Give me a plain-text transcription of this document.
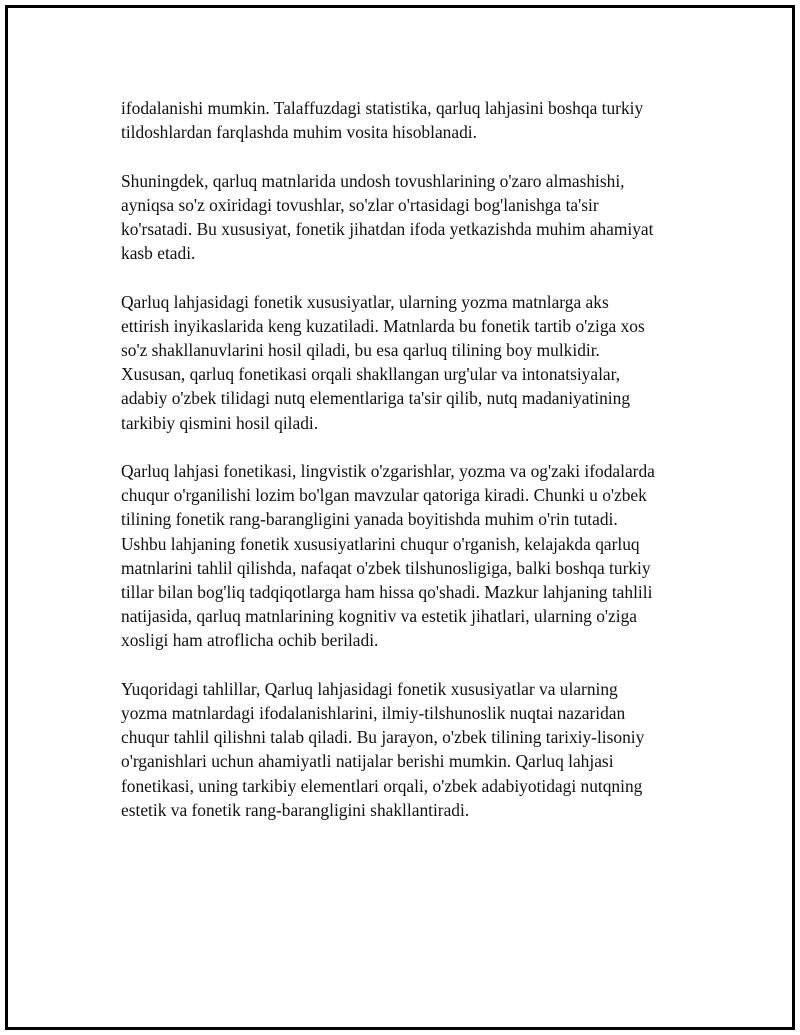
ifodalanishi mumkin. Talaffuzdagi statistika, qarluq lahjasini boshqa turkiy
tildoshlardan farqlashda muhim vosita hisoblanadi.

Shuningdek, qarluq matnlarida undosh tovushlarining o'zaro almashishi,
ayniqsa so'z oxiridagi tovushlar, so'zlar o'rtasidagi bog'lanishga ta'sir
ko'rsatadi. Bu xususiyat, fonetik jihatdan ifoda yetkazishda muhim ahamiyat
kasb etadi.

Qarluq lahjasidagi fonetik xususiyatlar, ularning yozma matnlarga aks
ettirish inyikaslarida keng kuzatiladi. Matnlarda bu fonetik tartib o'ziga xos
so'z shakllanuvlarini hosil qiladi, bu esa qarluq tilining boy mulkidir.
Xususan, qarluq fonetikasi orqali shakllangan urg'ular va intonatsiyalar,
adabiy o'zbek tilidagi nutq elementlariga ta'sir qilib, nutq madaniyatining
tarkibiy qismini hosil qiladi.

Qarluq lahjasi fonetikasi, lingvistik o'zgarishlar, yozma va og'zaki ifodalarda
chuqur o'rganilishi lozim bo'lgan mavzular qatoriga kiradi. Chunki u o'zbek
tilining fonetik rang-barangligini yanada boyitishda muhim o'rin tutadi.
Ushbu lahjaning fonetik xususiyatlarini chuqur o'rganish, kelajakda qarluq
matnlarini tahlil qilishda, nafaqat o'zbek tilshunosligiga, balki boshqa turkiy
tillar bilan bog'liq tadqiqotlarga ham hissa qo'shadi. Mazkur lahjaning tahlili
natijasida, qarluq matnlarining kognitiv va estetik jihatlari, ularning o'ziga
xosligi ham atroflicha ochib beriladi.

Yuqoridagi tahlillar, Qarluq lahjasidagi fonetik xususiyatlar va ularning
yozma matnlardagi ifodalanishlarini, ilmiy-tilshunoslik nuqtai nazaridan
chuqur tahlil qilishni talab qiladi. Bu jarayon, o'zbek tilining tarixiy-lisoniy
o'rganishlari uchun ahamiyatli natijalar berishi mumkin. Qarluq lahjasi
fonetikasi, uning tarkibiy elementlari orqali, o'zbek adabiyotidagi nutqning
estetik va fonetik rang-barangligini shakllantiradi.
